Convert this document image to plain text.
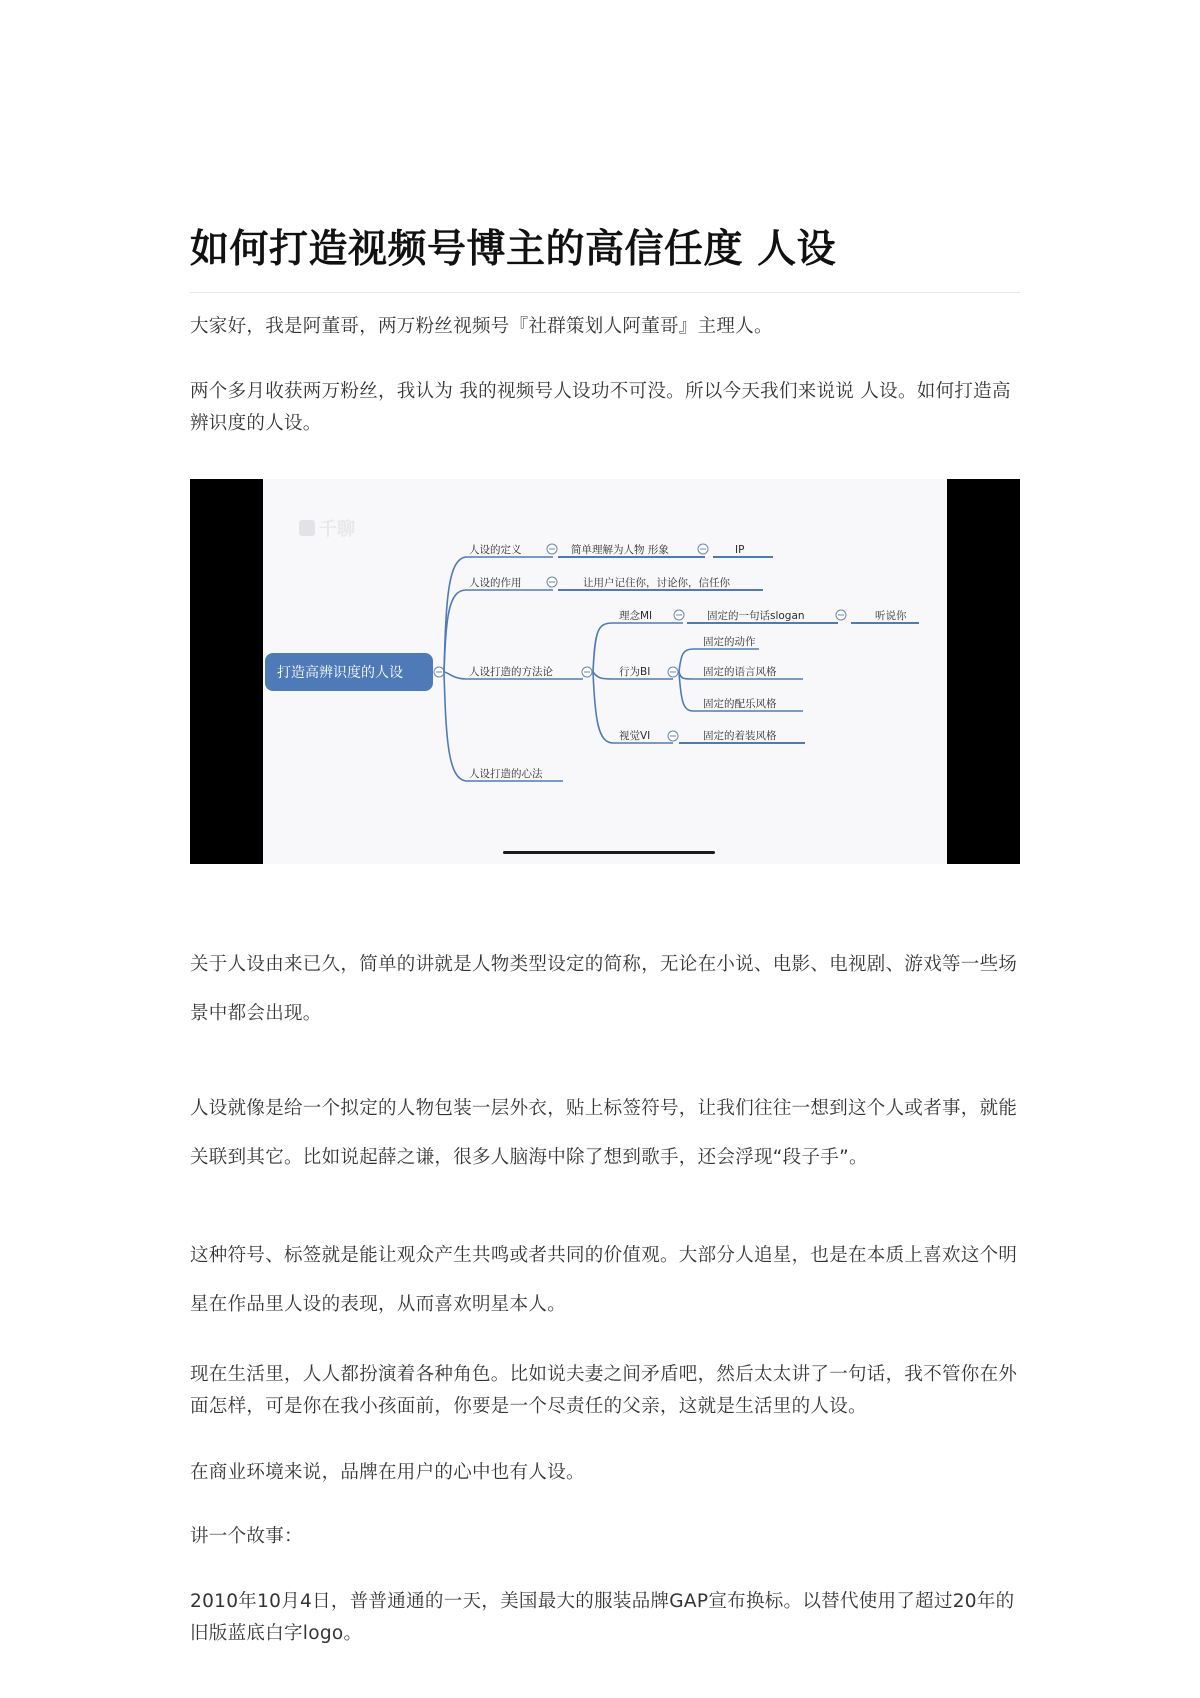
如何打造视频号博主的高信任度 人设

大家好，我是阿董哥，两万粉丝视频号『社群策划人阿董哥』主理人。

两个多月收获两万粉丝，我认为 我的视频号人设功不可没。所以今天我们来说说 人设。如何打造高辨识度的人设。

千聊
打造高辨识度的人设
人设的定义
人设的作用
人设打造的方法论
人设打造的心法
简单理解为人物 形象	IP
让用户记住你，讨论你，信任你
理念MI
行为BI
视觉VI
固定的一句话slogan	听说你
固定的动作
固定的语言风格
固定的配乐风格
固定的着装风格

关于人设由来已久，简单的讲就是人物类型设定的简称，无论在小说、电影、电视剧、游戏等一些场景中都会出现。

人设就像是给一个拟定的人物包装一层外衣，贴上标签符号，让我们往往一想到这个人或者事，就能关联到其它。比如说起薛之谦，很多人脑海中除了想到歌手，还会浮现“段子手”。

这种符号、标签就是能让观众产生共鸣或者共同的价值观。大部分人追星，也是在本质上喜欢这个明星在作品里人设的表现，从而喜欢明星本人。

现在生活里，人人都扮演着各种角色。比如说夫妻之间矛盾吧，然后太太讲了一句话，我不管你在外面怎样，可是你在我小孩面前，你要是一个尽责任的父亲，这就是生活里的人设。

在商业环境来说，品牌在用户的心中也有人设。

讲一个故事：

2010年10月4日，普普通通的一天，美国最大的服装品牌GAP宣布换标。以替代使用了超过20年的旧版蓝底白字logo。
